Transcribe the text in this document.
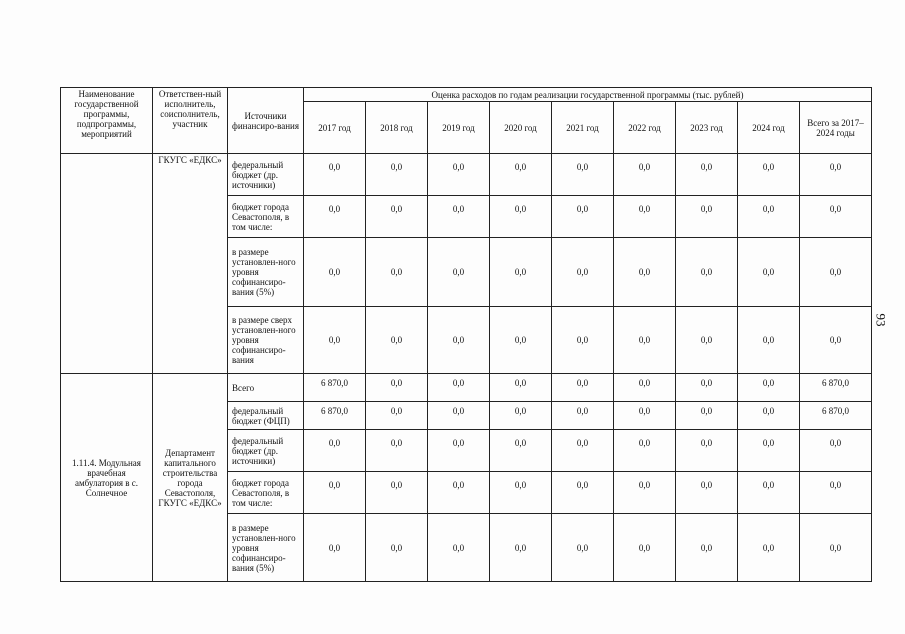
Наименование государственной программы, подпрограммы, мероприятий	Ответствен-ный исполнитель, соисполнитель, участник	Источники финансиро-вания	Оценка расходов по годам реализации государственной программы (тыс. рублей)								
			2017 год	2018 год	2019 год	2020 год	2021 год	2022 год	2023 год	2024 год	Всего за 2017–2024 годы
	ГКУГС «ЕДКС»	федеральный бюджет (др. источники)	0,0	0,0	0,0	0,0	0,0	0,0	0,0	0,0	0,0
		бюджет города Севастополя, в том числе:	0,0	0,0	0,0	0,0	0,0	0,0	0,0	0,0	0,0
		в размере установлен-ного уровня софинансиро-вания (5%)	0,0	0,0	0,0	0,0	0,0	0,0	0,0	0,0	0,0
		в размере сверх установлен-ного уровня софинансиро-вания	0,0	0,0	0,0	0,0	0,0	0,0	0,0	0,0	0,0
1.11.4. Модульная врачебная амбулатория в с. Солнечное	Департамент капитального строительства города Севастополя, ГКУГС «ЕДКС»	Всего	6 870,0	0,0	0,0	0,0	0,0	0,0	0,0	0,0	6 870,0
		федеральный бюджет (ФЦП)	6 870,0	0,0	0,0	0,0	0,0	0,0	0,0	0,0	6 870,0
		федеральный бюджет (др. источники)	0,0	0,0	0,0	0,0	0,0	0,0	0,0	0,0	0,0
		бюджет города Севастополя, в том числе:	0,0	0,0	0,0	0,0	0,0	0,0	0,0	0,0	0,0
		в размере установлен-ного уровня софинансиро-вания (5%)	0,0	0,0	0,0	0,0	0,0	0,0	0,0	0,0	0,0
93
